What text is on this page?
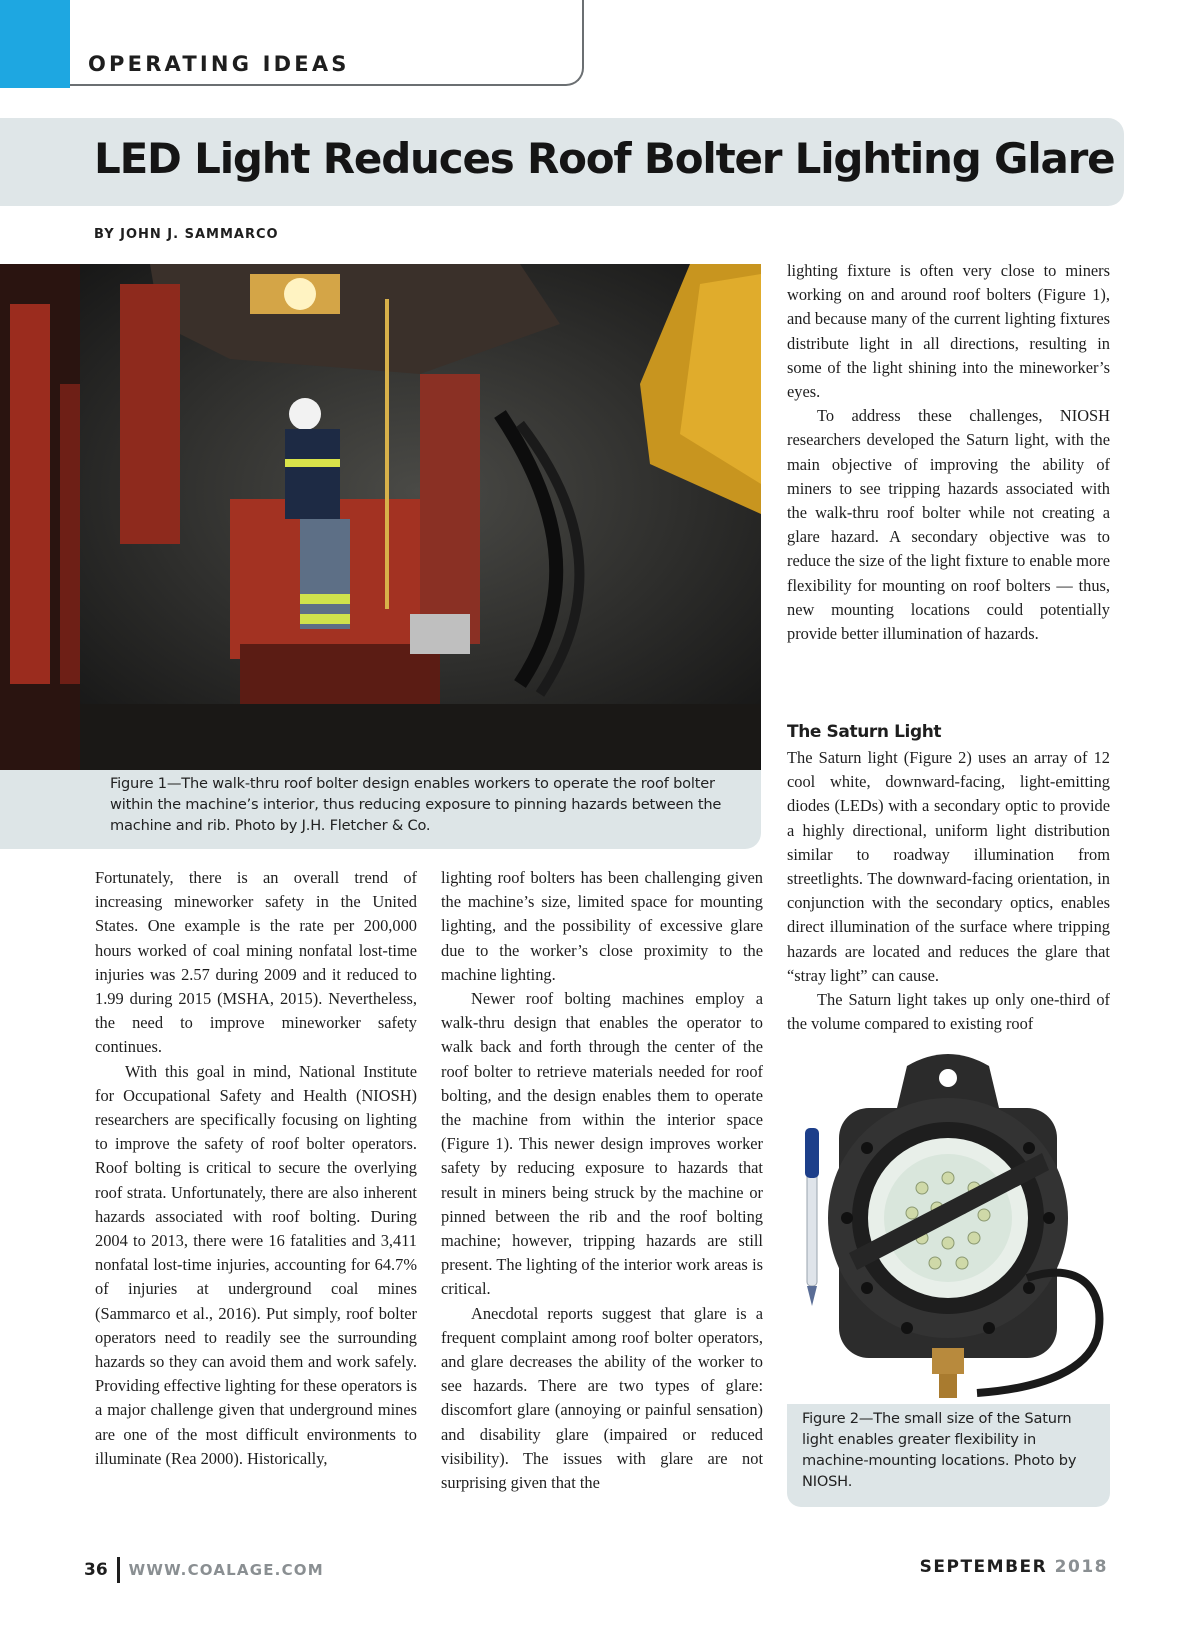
OPERATING IDEAS
LED Light Reduces Roof Bolter Lighting Glare
BY JOHN J. SAMMARCO
Figure 1—The walk-thru roof bolter design enables workers to operate the roof bolter within the machine’s interior, thus reducing exposure to pinning hazards between the machine and rib. Photo by J.H. Fletcher & Co.

Fortunately, there is an overall trend of increasing mineworker safety in the United States. One example is the rate per 200,000 hours worked of coal mining nonfatal lost-time injuries was 2.57 during 2009 and it reduced to 1.99 during 2015 (MSHA, 2015). Nevertheless, the need to improve mineworker safety continues.

With this goal in mind, National Institute for Occupational Safety and Health (NIOSH) researchers are specifically focusing on lighting to improve the safety of roof bolter operators. Roof bolting is critical to secure the overlying roof strata. Unfortunately, there are also inherent hazards associated with roof bolting. During 2004 to 2013, there were 16 fatalities and 3,411 nonfatal lost-time injuries, accounting for 64.7% of injuries at underground coal mines (Sammarco et al., 2016). Put simply, roof bolter operators need to readily see the surrounding hazards so they can avoid them and work safely. Providing effective lighting for these operators is a major challenge given that underground mines are one of the most difficult environments to illuminate (Rea 2000). Historically,

lighting roof bolters has been challenging given the machine’s size, limited space for mounting lighting, and the possibility of excessive glare due to the worker’s close proximity to the machine lighting.

Newer roof bolting machines employ a walk-thru design that enables the operator to walk back and forth through the center of the roof bolter to retrieve materials needed for roof bolting, and the design enables them to operate the machine from within the interior space (Figure 1). This newer design improves worker safety by reducing exposure to hazards that result in miners being struck by the machine or pinned between the rib and the roof bolting machine; however, tripping hazards are still present. The lighting of the interior work areas is critical.

Anecdotal reports suggest that glare is a frequent complaint among roof bolter operators, and glare decreases the ability of the worker to see hazards. There are two types of glare: discomfort glare (annoying or painful sensation) and disability glare (impaired or reduced visibility). The issues with glare are not surprising given that the

lighting fixture is often very close to miners working on and around roof bolters (Figure 1), and because many of the current lighting fixtures distribute light in all directions, resulting in some of the light shining into the mineworker’s eyes.

To address these challenges, NIOSH researchers developed the Saturn light, with the main objective of improving the ability of miners to see tripping hazards associated with the walk-thru roof bolter while not creating a glare hazard. A secondary objective was to reduce the size of the light fixture to enable more flexibility for mounting on roof bolters — thus, new mounting locations could potentially provide better illumination of hazards.

The Saturn Light

The Saturn light (Figure 2) uses an array of 12 cool white, downward-facing, light-emitting diodes (LEDs) with a secondary optic to provide a highly directional, uniform light distribution similar to roadway illumination from streetlights. The downward-facing orientation, in conjunction with the secondary optics, enables direct illumination of the surface where tripping hazards are located and reduces the glare that “stray light” can cause.

The Saturn light takes up only one-third of the volume compared to existing roof

Figure 2—The small size of the Saturn light enables greater flexibility in machine-mounting locations. Photo by NIOSH.
36 WWW.COALAGE.COM	SEPTEMBER 2018
